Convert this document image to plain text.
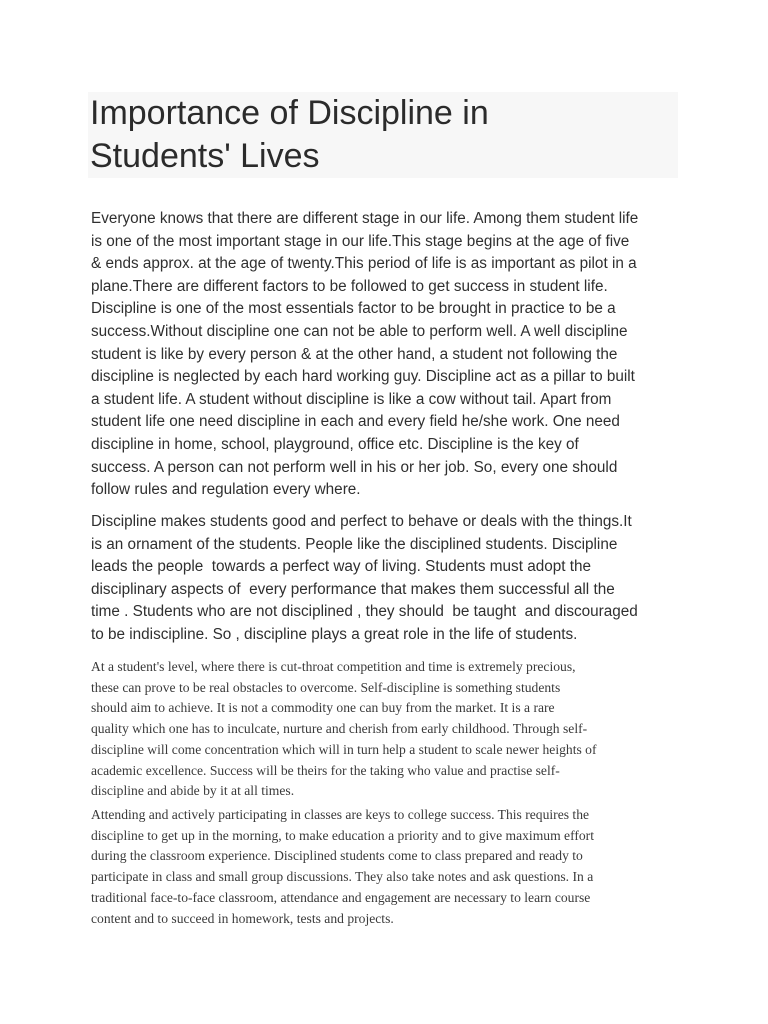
Importance of Discipline in
Students' Lives

Everyone knows that there are different stage in our life. Among them student life
is one of the most important stage in our life.This stage begins at the age of five
& ends approx. at the age of twenty.This period of life is as important as pilot in a
plane.There are different factors to be followed to get success in student life.
Discipline is one of the most essentials factor to be brought in practice to be a
success.Without discipline one can not be able to perform well. A well discipline
student is like by every person & at the other hand, a student not following the
discipline is neglected by each hard working guy. Discipline act as a pillar to built
a student life. A student without discipline is like a cow without tail. Apart from
student life one need discipline in each and every field he/she work. One need
discipline in home, school, playground, office etc. Discipline is the key of
success. A person can not perform well in his or her job. So, every one should
follow rules and regulation every where.

Discipline makes students good and perfect to behave or deals with the things.It
is an ornament of the students. People like the disciplined students. Discipline
leads the people  towards a perfect way of living. Students must adopt the
disciplinary aspects of  every performance that makes them successful all the
time . Students who are not disciplined , they should  be taught  and discouraged
to be indiscipline. So , discipline plays a great role in the life of students.

At a student's level, where there is cut-throat competition and time is extremely precious,
these can prove to be real obstacles to overcome. Self-discipline is something students
should aim to achieve. It is not a commodity one can buy from the market. It is a rare
quality which one has to inculcate, nurture and cherish from early childhood. Through self-
discipline will come concentration which will in turn help a student to scale newer heights of
academic excellence. Success will be theirs for the taking who value and practise self-
discipline and abide by it at all times.

Attending and actively participating in classes are keys to college success. This requires the
discipline to get up in the morning, to make education a priority and to give maximum effort
during the classroom experience. Disciplined students come to class prepared and ready to
participate in class and small group discussions. They also take notes and ask questions. In a
traditional face-to-face classroom, attendance and engagement are necessary to learn course
content and to succeed in homework, tests and projects.
